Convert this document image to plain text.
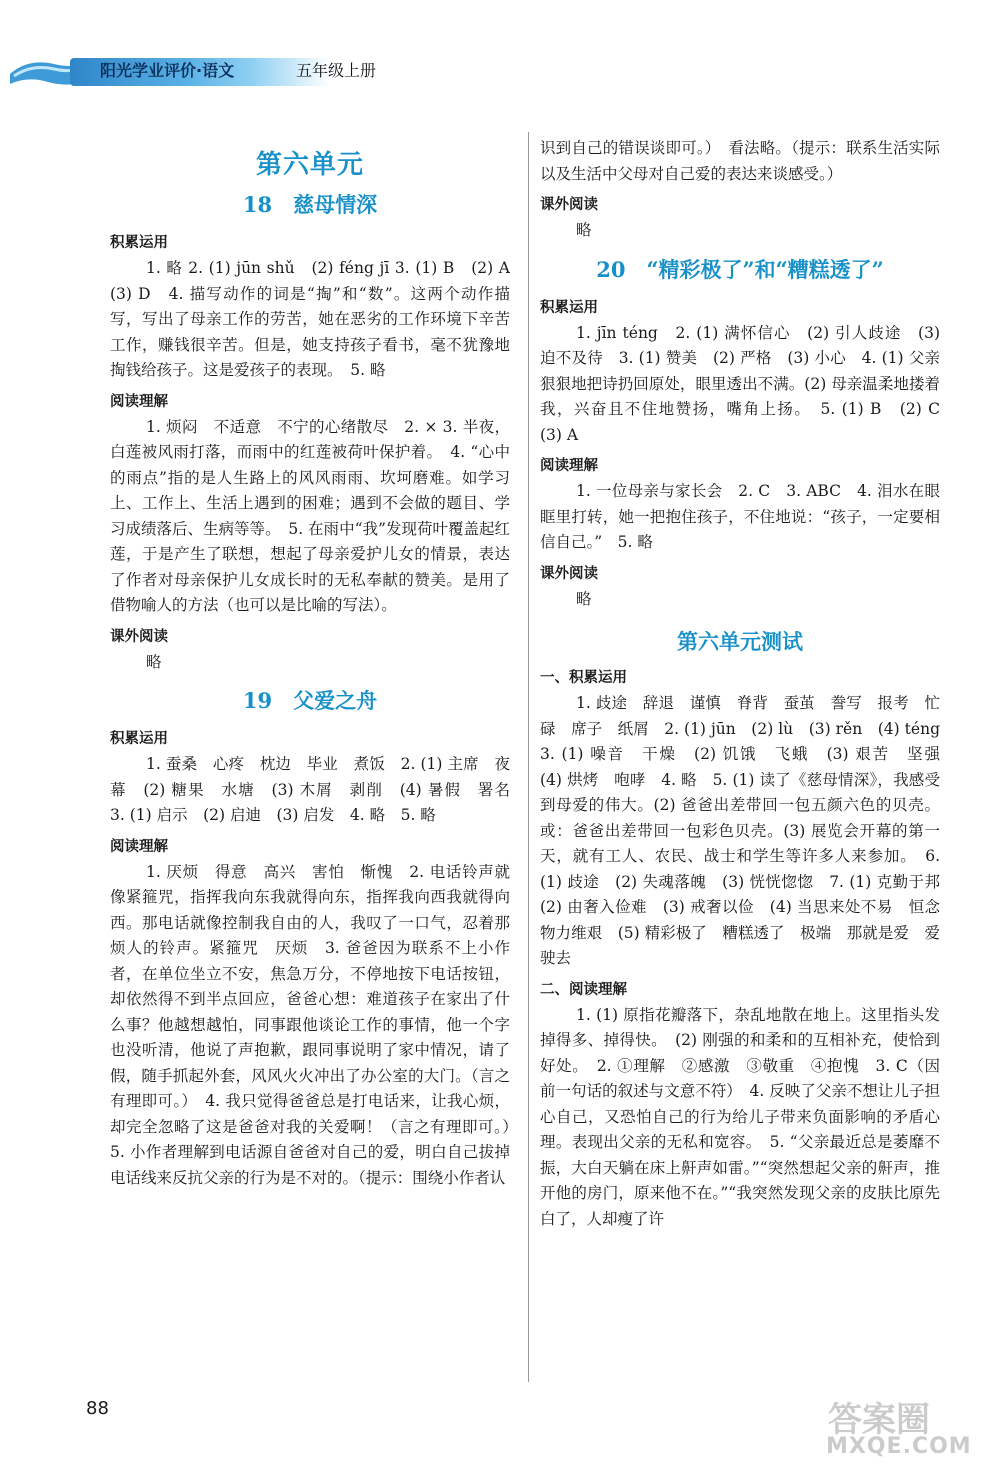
阳光学业评价·语文	五年级上册
第六单元
18　慈母情深
积累运用

1. 略 2. (1) jūn shǔ　(2) féng jī 3. (1) B　(2) A　(3) D　4. 描写动作的词是“掏”和“数”。这两个动作描写，写出了母亲工作的劳苦，她在恶劣的工作环境下辛苦工作，赚钱很辛苦。但是，她支持孩子看书，毫不犹豫地掏钱给孩子。这是爱孩子的表现。　5. 略

阅读理解

1. 烦闷　不适意　不宁的心绪散尽　2. × 3. 半夜，白莲被风雨打落，而雨中的红莲被荷叶保护着。　4. “心中的雨点”指的是人生路上的风风雨雨、坎坷磨难。如学习上、工作上、生活上遇到的困难；遇到不会做的题目、学习成绩落后、生病等等。　5. 在雨中“我”发现荷叶覆盖起红莲，于是产生了联想，想起了母亲爱护儿女的情景，表达了作者对母亲保护儿女成长时的无私奉献的赞美。是用了借物喻人的方法（也可以是比喻的写法）。

课外阅读

略

19　父爱之舟
积累运用

1. 蚕桑　心疼　枕边　毕业　煮饭　2. (1) 主席　夜幕　(2) 糖果　水塘　(3) 木屑　剥削　(4) 暑假　署名　3. (1) 启示　(2) 启迪　(3) 启发　4. 略　5. 略

阅读理解

1. 厌烦　得意　高兴　害怕　惭愧　2. 电话铃声就像紧箍咒，指挥我向东我就得向东，指挥我向西我就得向西。那电话就像控制我自由的人，我叹了一口气，忍着那烦人的铃声。紧箍咒　厌烦　3. 爸爸因为联系不上小作者，在单位坐立不安，焦急万分，不停地按下电话按钮，却依然得不到半点回应，爸爸心想：难道孩子在家出了什么事？他越想越怕，同事跟他谈论工作的事情，他一个字也没听清，他说了声抱歉，跟同事说明了家中情况，请了假，随手抓起外套，风风火火冲出了办公室的大门。（言之有理即可。）　4. 我只觉得爸爸总是打电话来，让我心烦，却完全忽略了这是爸爸对我的关爱啊！（言之有理即可。）　5. 小作者理解到电话源自爸爸对自己的爱，明白自己拔掉电话线来反抗父亲的行为是不对的。（提示：围绕小作者认

识到自己的错误谈即可。）　看法略。（提示：联系生活实际以及生活中父母对自己爱的表达来谈感受。）

课外阅读

略

20　“精彩极了”和“糟糕透了”
积累运用

1. jīn téng　2. (1) 满怀信心　(2) 引人歧途　(3) 迫不及待　3. (1) 赞美　(2) 严格　(3) 小心　4. (1) 父亲狠狠地把诗扔回原处，眼里透出不满。(2) 母亲温柔地搂着我，兴奋且不住地赞扬，嘴角上扬。　5. (1) B　(2) C　(3) A

阅读理解

1. 一位母亲与家长会　2. C　3. ABC　4. 泪水在眼眶里打转，她一把抱住孩子，不住地说：“孩子，一定要相信自己。”　5. 略

课外阅读

略

第六单元测试
一、积累运用

1. 歧途　辞退　谨慎　脊背　蚕茧　誊写　报考　忙碌　席子　纸屑　2. (1) jūn　(2) lù　(3) rěn　(4) téng　3. (1) 噪音　干燥　(2) 饥饿　飞蛾　(3) 艰苦　坚强　(4) 烘烤　咆哮　4. 略　5. (1) 读了《慈母情深》，我感受到母爱的伟大。(2) 爸爸出差带回一包五颜六色的贝壳。或：爸爸出差带回一包彩色贝壳。(3) 展览会开幕的第一天，就有工人、农民、战士和学生等许多人来参加。　6. (1) 歧途　(2) 失魂落魄　(3) 恍恍惚惚　7. (1) 克勤于邦　(2) 由奢入俭难　(3) 戒奢以俭　(4) 当思来处不易　恒念物力维艰　(5) 精彩极了　糟糕透了　极端　那就是爱　爱　驶去

二、阅读理解

1. (1) 原指花瓣落下，杂乱地散在地上。这里指头发掉得多、掉得快。　(2) 刚强的和柔和的互相补充，使恰到好处。　2. ①理解　②感激　③敬重　④抱愧　3. C（因前一句话的叙述与文意不符）　4. 反映了父亲不想让儿子担心自己，又恐怕自己的行为给儿子带来负面影响的矛盾心理。表现出父亲的无私和宽容。　5. “父亲最近总是萎靡不振，大白天躺在床上鼾声如雷。”“突然想起父亲的鼾声，推开他的房门，原来他不在。”“我突然发现父亲的皮肤比原先白了，人却瘦了许

88	答案圈
MXQE.COM
